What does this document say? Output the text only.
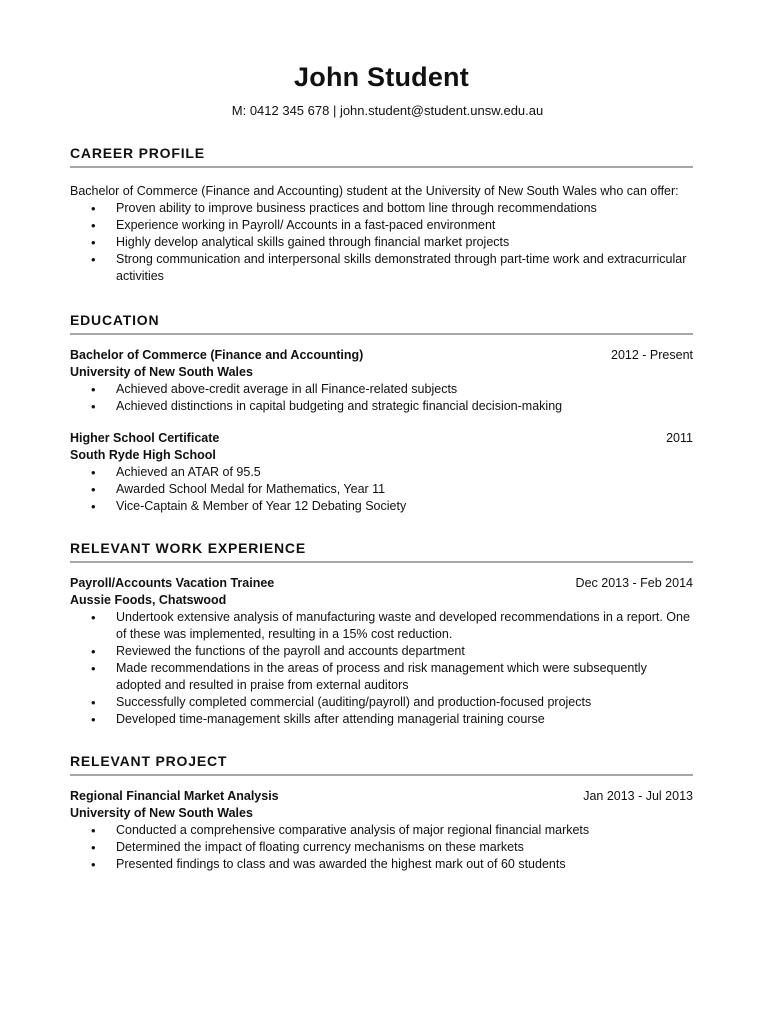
John Student
M: 0412 345 678 | john.student@student.unsw.edu.au
CAREER PROFILE
Bachelor of Commerce (Finance and Accounting) student at the University of New South Wales who can offer:
• Proven ability to improve business practices and bottom line through recommendations
• Experience working in Payroll/ Accounts in a fast-paced environment
• Highly develop analytical skills gained through financial market projects
• Strong communication and interpersonal skills demonstrated through part-time work and extracurricular activities
EDUCATION
Bachelor of Commerce (Finance and Accounting)	2012 - Present
University of New South Wales
• Achieved above-credit average in all Finance-related subjects
• Achieved distinctions in capital budgeting and strategic financial decision-making
Higher School Certificate	2011
South Ryde High School
• Achieved an ATAR of 95.5
• Awarded School Medal for Mathematics, Year 11
• Vice-Captain & Member of Year 12 Debating Society
RELEVANT WORK EXPERIENCE
Payroll/Accounts Vacation Trainee	Dec 2013 - Feb 2014
Aussie Foods, Chatswood
• Undertook extensive analysis of manufacturing waste and developed recommendations in a report. One of these was implemented, resulting in a 15% cost reduction.
• Reviewed the functions of the payroll and accounts department
• Made recommendations in the areas of process and risk management which were subsequently adopted and resulted in praise from external auditors
• Successfully completed commercial (auditing/payroll) and production-focused projects
• Developed time-management skills after attending managerial training course
RELEVANT PROJECT
Regional Financial Market Analysis	Jan 2013 - Jul 2013
University of New South Wales
• Conducted a comprehensive comparative analysis of major regional financial markets
• Determined the impact of floating currency mechanisms on these markets
• Presented findings to class and was awarded the highest mark out of 60 students
